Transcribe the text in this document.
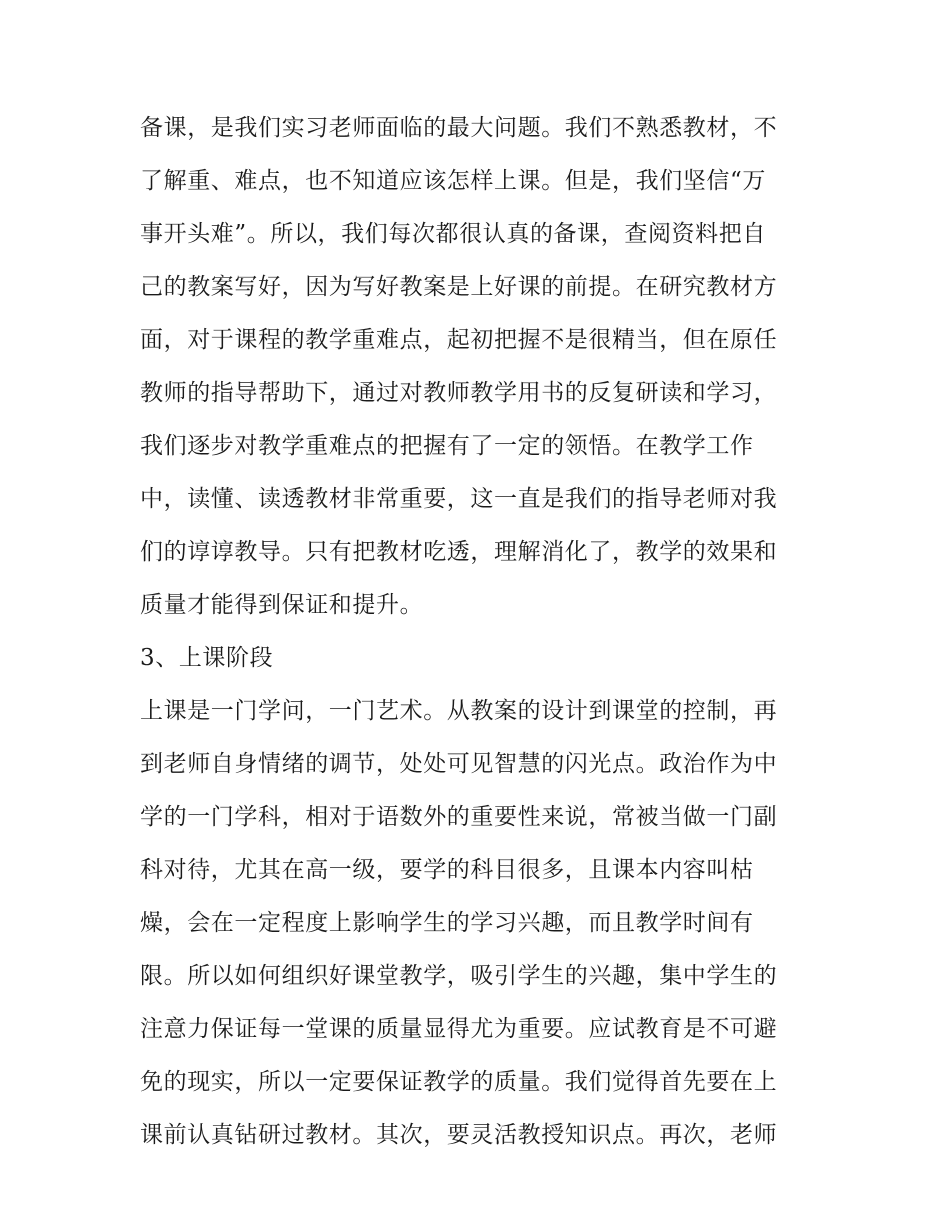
备课，是我们实习老师面临的最大问题。我们不熟悉教材，不

了解重、难点，也不知道应该怎样上课。但是，我们坚信“万

事开头难”。所以，我们每次都很认真的备课，查阅资料把自

己的教案写好，因为写好教案是上好课的前提。在研究教材方

面，对于课程的教学重难点，起初把握不是很精当，但在原任

教师的指导帮助下，通过对教师教学用书的反复研读和学习，

我们逐步对教学重难点的把握有了一定的领悟。在教学工作

中，读懂、读透教材非常重要，这一直是我们的指导老师对我

们的谆谆教导。只有把教材吃透，理解消化了，教学的效果和

质量才能得到保证和提升。

3、上课阶段

上课是一门学问，一门艺术。从教案的设计到课堂的控制，再

到老师自身情绪的调节，处处可见智慧的闪光点。政治作为中

学的一门学科，相对于语数外的重要性来说，常被当做一门副

科对待，尤其在高一级，要学的科目很多，且课本内容叫枯

燥，会在一定程度上影响学生的学习兴趣，而且教学时间有

限。所以如何组织好课堂教学，吸引学生的兴趣，集中学生的

注意力保证每一堂课的质量显得尤为重要。应试教育是不可避

免的现实，所以一定要保证教学的质量。我们觉得首先要在上

课前认真钻研过教材。其次，要灵活教授知识点。再次，老师
